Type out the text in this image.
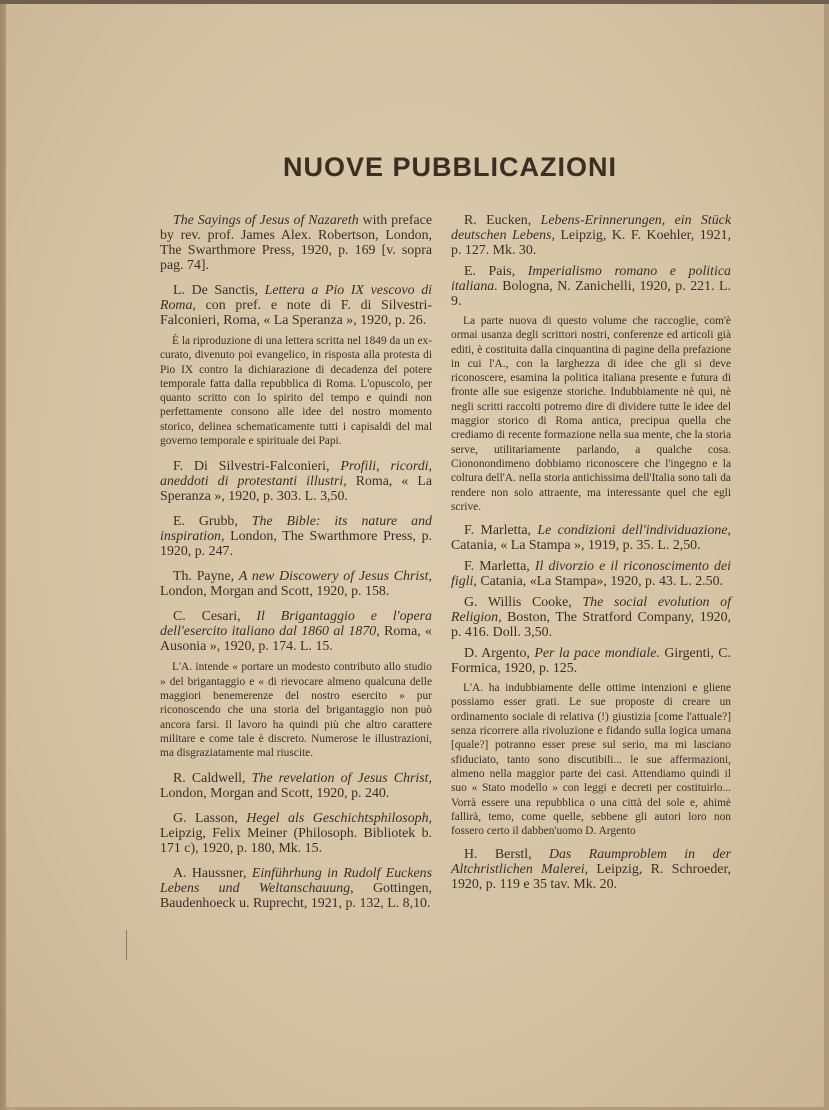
NUOVE PUBBLICAZIONI

The Sayings of Jesus of Nazareth with preface by rev. prof. James Alex. Robertson, London, The Swarthmore Press, 1920, p. 169 [v. sopra pag. 74].

L. De Sanctis, Lettera a Pio IX vescovo di Roma, con pref. e note di F. di Silvestri-Falconieri, Roma, « La Speranza », 1920, p. 26.

È la riproduzione di una lettera scritta nel 1849 da un ex-curato, divenuto poi evangelico, in risposta alla protesta di Pio IX contro la dichiarazione di decadenza del potere temporale fatta dalla repubblica di Roma. L'opuscolo, per quanto scritto con lo spirito del tempo e quindi non perfettamente consono alle idee del nostro momento storico, delinea schematicamente tutti i capisaldi del mal governo temporale e spirituale dei Papi.

F. Di Silvestri-Falconieri, Profili, ricordi, aneddoti di protestanti illustri, Roma, « La Speranza », 1920, p. 303. L. 3,50.

E. Grubb, The Bible: its nature and inspiration, London, The Swarthmore Press, p. 1920, p. 247.

Th. Payne, A new Discowery of Jesus Christ, London, Morgan and Scott, 1920, p. 158.

C. Cesari, Il Brigantaggio e l'opera dell'esercito italiano dal 1860 al 1870, Roma, « Ausonia », 1920, p. 174. L. 15.

L'A. intende « portare un modesto contributo allo studio » del brigantaggio e « di rievocare almeno qualcuna delle maggiori benemerenze del nostro esercito » pur riconoscendo che una storia del brigantaggio non può ancora farsi. Il lavoro ha quindi più che altro carattere militare e come tale è discreto. Numerose le illustrazioni, ma disgraziatamente mal riuscite.

R. Caldwell, The revelation of Jesus Christ, London, Morgan and Scott, 1920, p. 240.

G. Lasson, Hegel als Geschichtsphilosoph, Leipzig, Felix Meiner (Philosoph. Bibliotek b. 171 c), 1920, p. 180, Mk. 15.

A. Haussner, Einführhung in Rudolf Euckens Lebens und Weltanschauung, Gottingen, Baudenhoeck u. Ruprecht, 1921, p. 132, L. 8,10.

R. Eucken, Lebens-Erinnerungen, ein Stück deutschen Lebens, Leipzig, K. F. Koehler, 1921, p. 127. Mk. 30.

E. Pais, Imperialismo romano e politica italiana. Bologna, N. Zanichelli, 1920, p. 221. L. 9.

La parte nuova di questo volume che raccoglie, com'è ormai usanza degli scrittori nostri, conferenze ed articoli già editi, è costituita dalla cinquantina di pagine della prefazione in cui l'A., con la larghezza di idee che gli si deve riconoscere, esamina la politica italiana presente e futura di fronte alle sue esigenze storiche. Indubbiamente nè qui, nè negli scritti raccolti potremo dire di dividere tutte le idee del maggior storico di Roma antica, precipua quella che crediamo di recente formazione nella sua mente, che la storia serve, utilitariamente parlando, a qualche cosa. Ciononondimeno dobbiamo riconoscere che l'ingegno e la coltura dell'A. nella storia antichissima dell'Italia sono tali da rendere non solo attraente, ma interessante quel che egli scrive.

F. Marletta, Le condizioni dell'individuazione, Catania, « La Stampa », 1919, p. 35. L. 2,50.

F. Marletta, Il divorzio e il riconoscimento dei figli, Catania, «La Stampa», 1920, p. 43. L. 2.50.

G. Willis Cooke, The social evolution of Religion, Boston, The Stratford Company, 1920, p. 416. Doll. 3,50.

D. Argento, Per la pace mondiale. Girgenti, C. Formica, 1920, p. 125.

L'A. ha indubbiamente delle ottime intenzioni e gliene possiamo esser grati. Le sue proposte di creare un ordinamento sociale di relativa (!) giustizia [come l'attuale?] senza ricorrere alla rivoluzione e fidando sulla logica umana [quale?] potranno esser prese sul serio, ma mi lasciano sfiduciato, tanto sono discutibili... le sue affermazioni, almeno nella maggior parte dei casi. Attendiamo quindi il suo « Stato modello » con leggi e decreti per costituirlo... Vorrà essere una repubblica o una città del sole e, ahimè fallirà, temo, come quelle, sebbene gli autori loro non fossero certo il dabben'uomo D. Argento

H. Berstl, Das Raumproblem in der Altchristlichen Malerei, Leipzig, R. Schroeder, 1920, p. 119 e 35 tav. Mk. 20.
